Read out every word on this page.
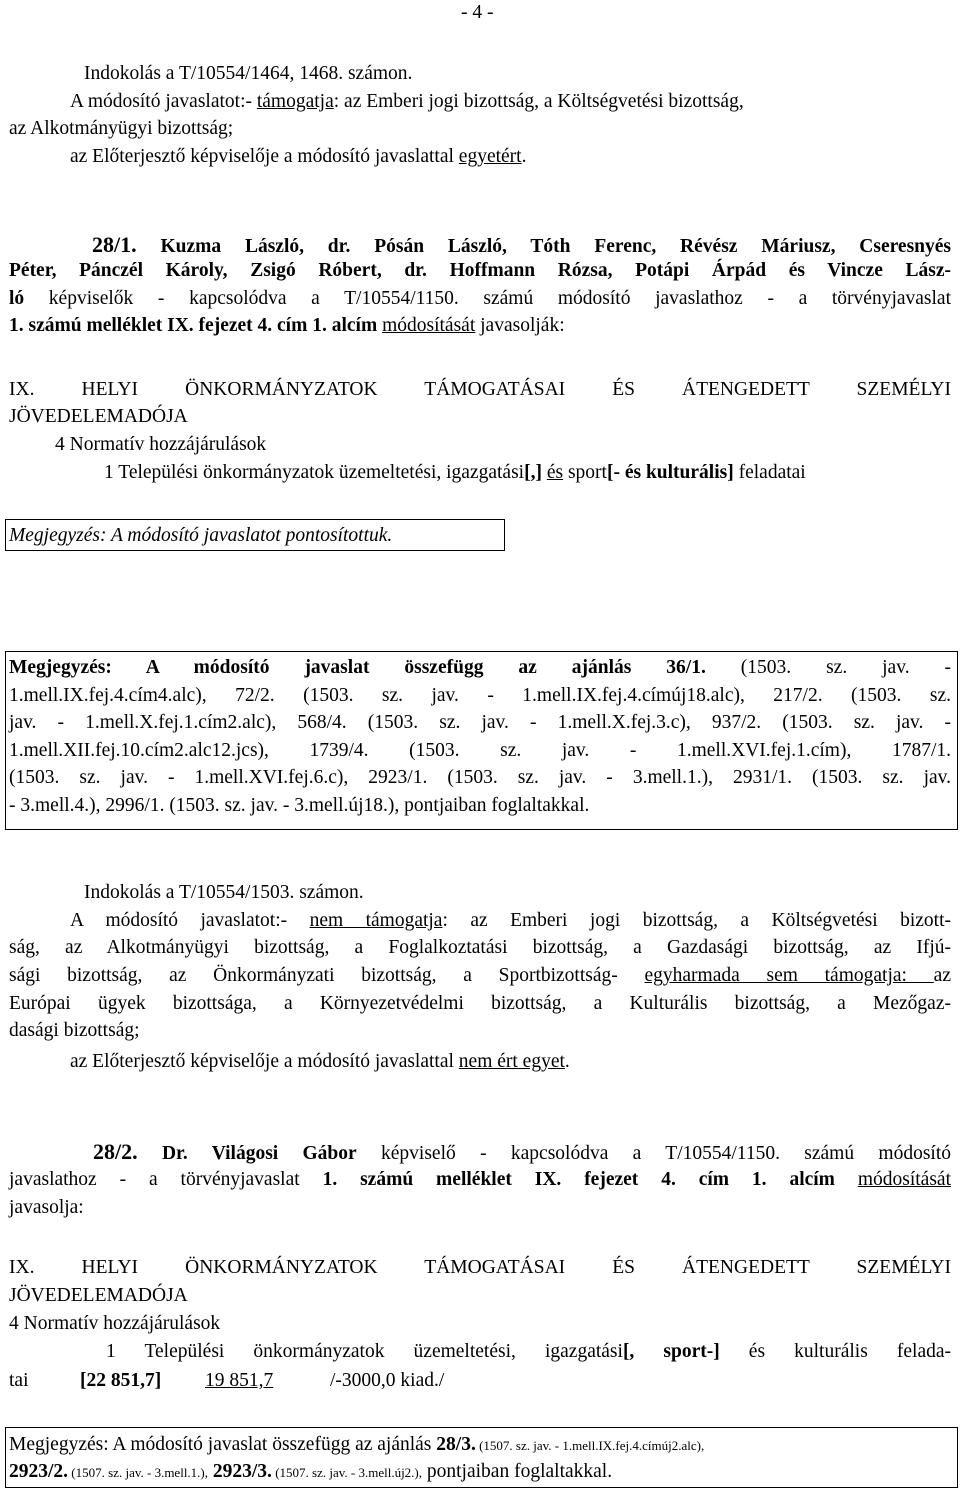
- 4 -
Indokolás a T/10554/1464, 1468. számon.
A módosító javaslatot:- támogatja: az Emberi jogi bizottság, a Költségvetési bizottság,
az Alkotmányügyi bizottság;
az Előterjesztő képviselője a módosító javaslattal egyetért.
28/1. Kuzma László, dr. Pósán László, Tóth Ferenc, Révész Máriusz, Cseresnyés
Péter, Pánczél Károly, Zsigó Róbert, dr. Hoffmann Rózsa, Potápi Árpád és Vincze Lász-
ló képviselők - kapcsolódva a T/10554/1150. számú módosító javaslathoz - a törvényjavaslat
1. számú melléklet IX. fejezet 4. cím 1. alcím módosítását javasolják:
IX. HELYI ÖNKORMÁNYZATOK TÁMOGATÁSAI ÉS ÁTENGEDETT SZEMÉLYI
JÖVEDELEMADÓJA
4 Normatív hozzájárulások
1 Települési önkormányzatok üzemeltetési, igazgatási[,] és sport[- és kulturális] feladatai
Megjegyzés: A módosító javaslatot pontosítottuk.
Megjegyzés: A módosító javaslat összefügg az ajánlás 36/1. (1503. sz. jav. -
1.mell.IX.fej.4.cím4.alc), 72/2. (1503. sz. jav. - 1.mell.IX.fej.4.címúj18.alc), 217/2. (1503. sz.
jav. - 1.mell.X.fej.1.cím2.alc), 568/4. (1503. sz. jav. - 1.mell.X.fej.3.c), 937/2. (1503. sz. jav. -
1.mell.XII.fej.10.cím2.alc12.jcs), 1739/4. (1503. sz. jav. - 1.mell.XVI.fej.1.cím), 1787/1.
(1503. sz. jav. - 1.mell.XVI.fej.6.c), 2923/1. (1503. sz. jav. - 3.mell.1.), 2931/1. (1503. sz. jav.
- 3.mell.4.), 2996/1. (1503. sz. jav. - 3.mell.új18.), pontjaiban foglaltakkal.
Indokolás a T/10554/1503. számon.
A módosító javaslatot:- nem támogatja: az Emberi jogi bizottság, a Költségvetési bizott-
ság, az Alkotmányügyi bizottság, a Foglalkoztatási bizottság, a Gazdasági bizottság, az Ifjú-
sági bizottság, az Önkormányzati bizottság, a Sportbizottság- egyharmada sem támogatja: az
Európai ügyek bizottsága, a Környezetvédelmi bizottság, a Kulturális bizottság, a Mezőgaz-
dasági bizottság;
az Előterjesztő képviselője a módosító javaslattal nem ért egyet.
28/2. Dr. Világosi Gábor képviselő - kapcsolódva a T/10554/1150. számú módosító
javaslathoz - a törvényjavaslat 1. számú melléklet IX. fejezet 4. cím 1. alcím módosítását
javasolja:
IX. HELYI ÖNKORMÁNYZATOK TÁMOGATÁSAI ÉS ÁTENGEDETT SZEMÉLYI
JÖVEDELEMADÓJA
4 Normatív hozzájárulások
1 Települési önkormányzatok üzemeltetési, igazgatási[, sport-] és kulturális felada-
tai	[22 851,7] 19 851,7	/-3000,0 kiad./
Megjegyzés: A módosító javaslat összefügg az ajánlás 28/3. (1507. sz. jav. - 1.mell.IX.fej.4.címúj2.alc),
2923/2. (1507. sz. jav. - 3.mell.1.), 2923/3. (1507. sz. jav. - 3.mell.új2.), pontjaiban foglaltakkal.
